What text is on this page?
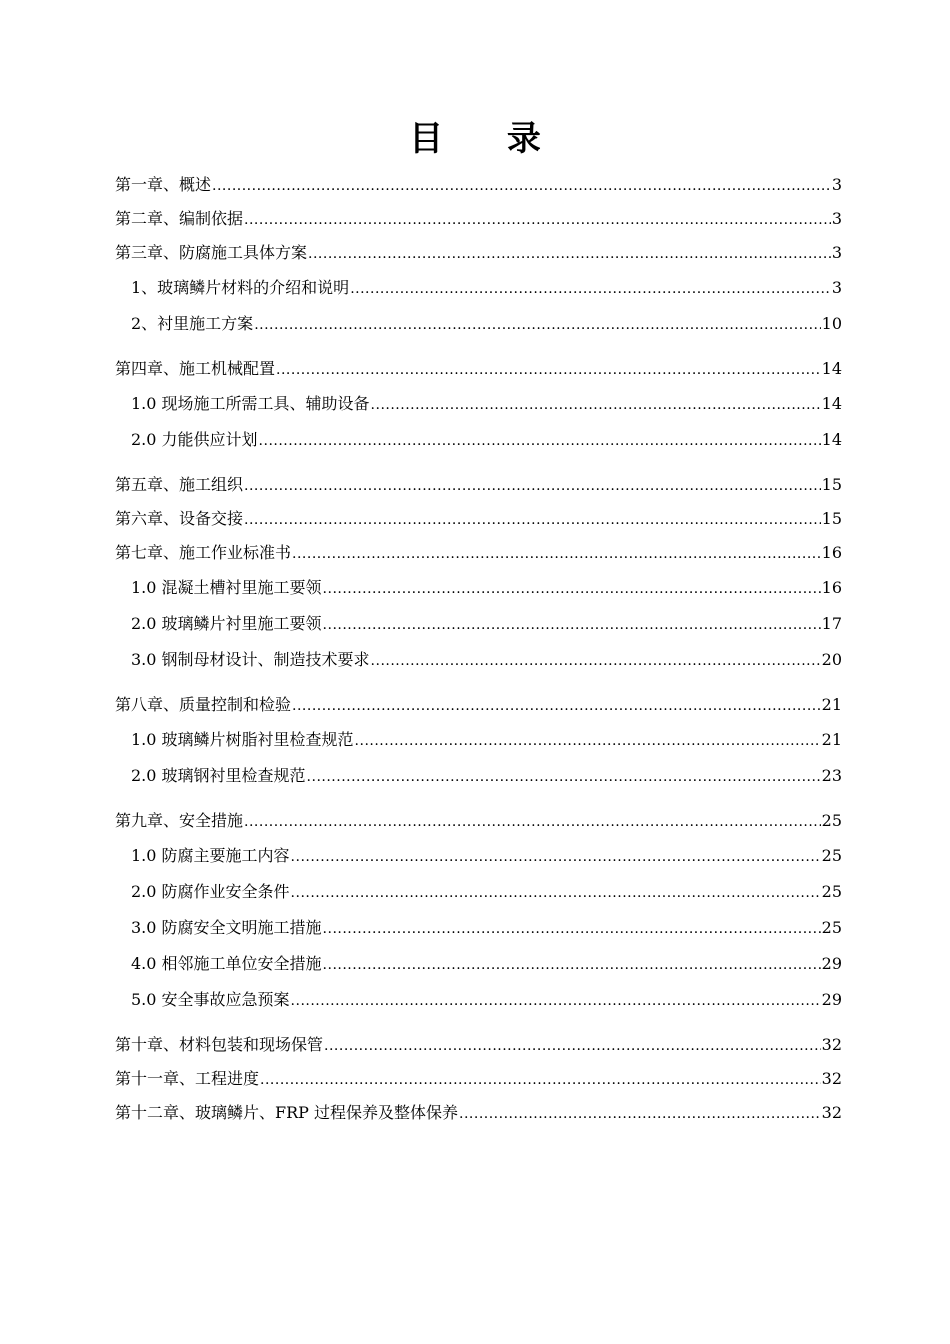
目 录
第一章、概述 .....	3
第二章、编制依据 .....	3
第三章、防腐施工具体方案 .....	3
1、玻璃鳞片材料的介绍和说明 .....	3
2、衬里施工方案 .....	10
第四章、施工机械配置 .....	14
1.0 现场施工所需工具、辅助设备 .....	14
2.0 力能供应计划 .....	14
第五章、施工组织 .....	15
第六章、设备交接 .....	15
第七章、施工作业标准书 .....	16
1.0 混凝土槽衬里施工要领 .....	16
2.0 玻璃鳞片衬里施工要领 .....	17
3.0 钢制母材设计、制造技术要求 .....	20
第八章、质量控制和检验 .....	21
1.0 玻璃鳞片树脂衬里检查规范 .....	21
2.0 玻璃钢衬里检查规范 .....	23
第九章、安全措施 .....	25
1.0 防腐主要施工内容 .....	25
2.0 防腐作业安全条件 .....	25
3.0 防腐安全文明施工措施 .....	25
4.0 相邻施工单位安全措施 .....	29
5.0 安全事故应急预案 .....	29
第十章、材料包装和现场保管 .....	32
第十一章、工程进度 .....	32
第十二章、玻璃鳞片、FRP 过程保养及整体保养 .....	32
